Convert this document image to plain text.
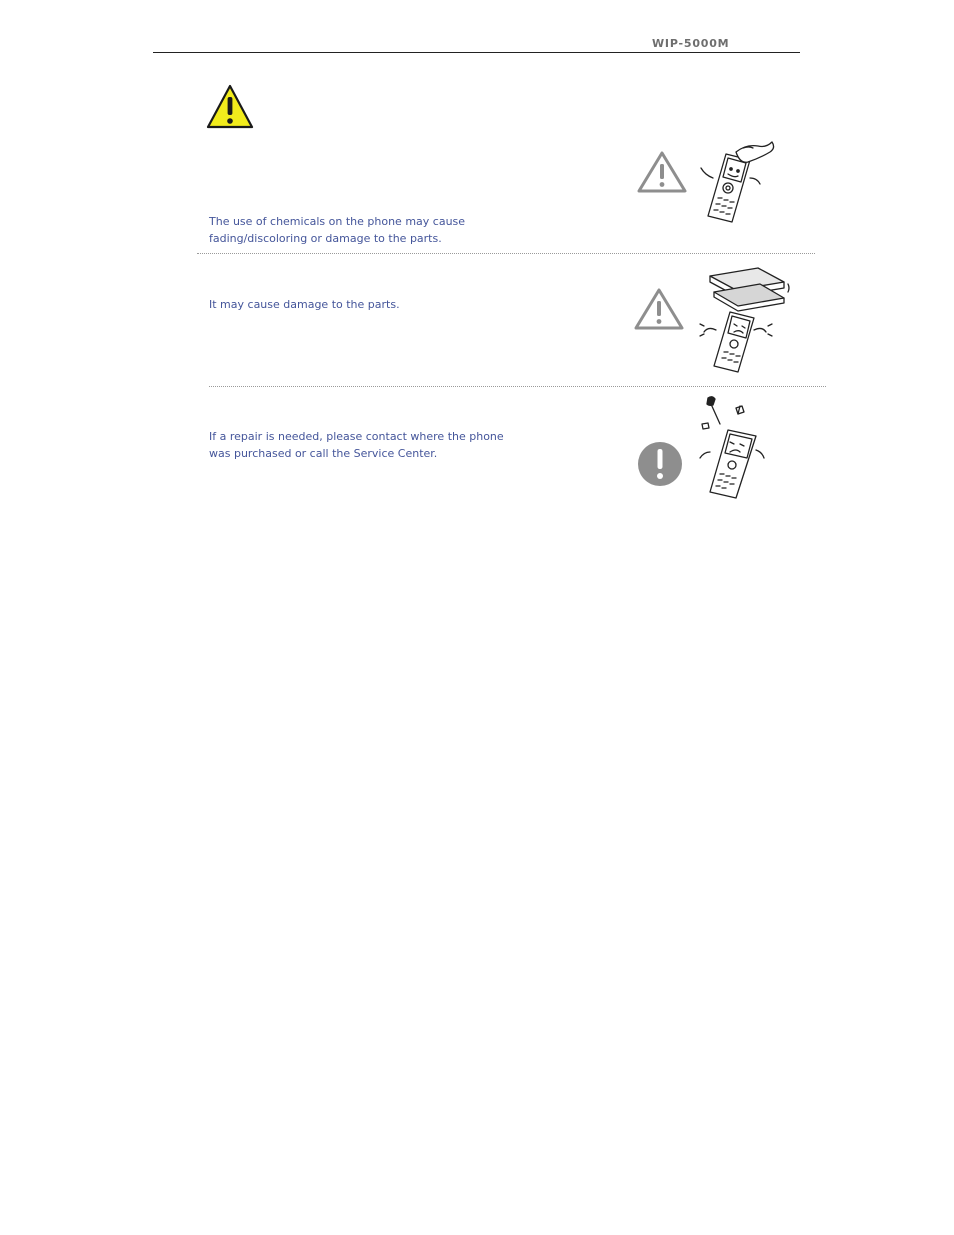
WIP-5000M

The use of chemicals on the phone may cause
fading/discoloring or damage to the parts.

It may cause damage to the parts.

If a repair is needed, please contact where the phone
was purchased or call the Service Center.
